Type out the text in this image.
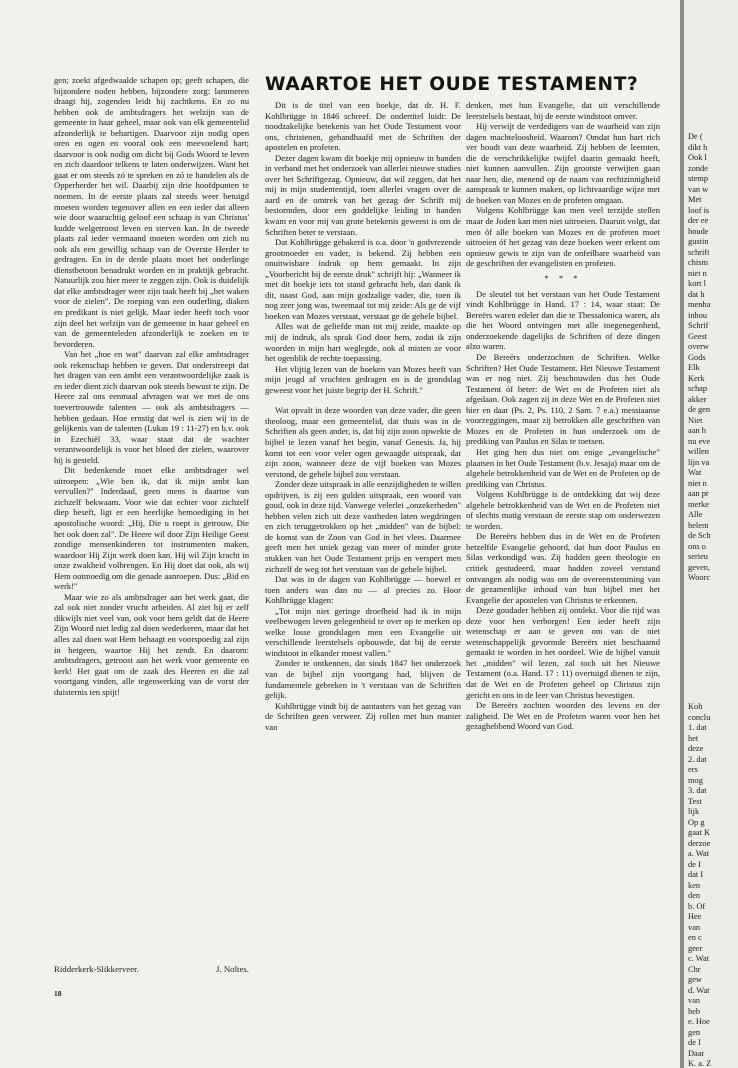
gen; zoekt afgedwaalde schapen op; geeft schapen, die bijzondere noden hebben, bijzondere zorg: lammeren draagt hij, zogenden leidt hij zachtkens. En zo nu hebben ook de ambtsdragers het welzijn van de gemeente in haar geheel, maar ook van elk gemeentelid afzonderlijk te behartigen. Daarvoor zijn nodig open oren en ogen en vooral ook een meevoelend hart; daarvoor is ook nodig om dicht bij Gods Woord te leven en zich daardoor telkens te laten onderwijzen. Want het gaat er om steeds zó te spreken en zó te handelen als de Opperherder het wil. Daarbij zijn drie hoofdpunten te noemen. In de eerste plaats zal steeds weer betuigd moeten worden tegenover allen en een ieder dat alleen wie door waarachtig geloof een schaap is van Christus' kudde welgetroost leven en sterven kan. In de tweede plaats zal ieder vermaand moeten worden om zich nu ook als een gewillig schaap van de Overste Herder te gedragen. En in de derde plaats moet het onderlinge dienstbetoon benadrukt worden en in praktijk gebracht. Natuurlijk zou hier meer te zeggen zijn. Ook is duidelijk dat elke ambtsdrager weer zijn taak heeft bij „het waken voor de zielen". De roeping van een ouderling, diaken en predikant is niet gelijk. Maar ieder heeft toch voor zijn deel het welzijn van de gemeente in haar geheel en van de gemeenteleden afzonderlijk te zoeken en te bevorderen.

Van het „hoe en wat" daarvan zal elke ambtsdrager ook rekenschap hebben te geven. Dat onderstreept dat het dragen van een ambt een verantwoordelijke zaak is en ieder dient zich daarvan ook steeds bewust te zijn. De Heere zal ons eenmaal afvragen wat we met de ons toevertrouwde talenten — ook als ambtsdragers — hebben gedaan. Hoe ernstig dat wel is zien wij in de gelijkenis van de talenten (Lukas 19 : 11-27) en b.v. ook in Ezechiël 33, waar staat dat de wachter verantwoordelijk is voor het bloed der zielen, waarover hij is gesteld.

Dit bedenkende moet elke ambtsdrager wel uitroepen: „Wie ben ik, dat ik mijn ambt kan vervullen?" Inderdaad, geen mens is daartoe van zichzelf bekwaam. Voor wie dat echter voor zichzelf diep beseft, ligt er een heerlijke bemoediging in het apostolische woord: „Hij, Die u roept is getrouw, Die het ook doen zal". De Heere wil door Zijn Heilige Geest zondige mensenkinderen tot instrumenten maken, waardoor Hij Zijn werk doen kan. Hij wil Zijn kracht in onze zwakheid volbrengen. En Hij doet dat ook, als wij Hem ootmoedig om die genade aanroepen. Dus: „Bid en werk!"

Maar wie zo als ambtsdrager aan het werk gaat, die zal ook niet zonder vrucht arbeiden. Al ziet hij er zelf dikwijls niet veel van, ook voor hem geldt dat de Heere Zijn Woord niet ledig zal doen wederkeren, maar dat het alles zal doen wat Hem behaagt en voorspoedig zal zijn in hetgeen, waartoe Hij het zendt. En daarom: ambtsdragers, getroost aan het werk voor gemeente en kerk! Het gaat om de zaak des Heeren en die zal voortgang vinden, alle tegenwerking van de vorst der duisternis ten spijt!

Ridderkerk-Slikkerveer.	J. Noltes.
18
WAARTOE HET OUDE TESTAMENT?

Dit is de titel van een boekje, dat dr. H. F. Kohlbrügge in 1846 schreef. De ondertitel luidt: De noodzakelijke betekenis van het Oude Testament voor ons, christenen, gehandhaafd met de Schriften der apostelen en profeten.

Dezer dagen kwam dit boekje mij opnieuw in handen in verband met het onderzoek van allerlei nieuwe studies over het Schriftgezag. Opnieuw, dat wil zeggen, dat het mij in mijn studententijd, toen allerlei vragen over de aard en de omtrek van het gezag der Schrift mij bestormden, door een goddelijke leiding in handen kwam en voor mij van grote betekenis geweest is om de Schriften beter te verstaan.

Dat Kohlbrügge gebakerd is o.a. door 'n godvrezende grootmoeder en vader, is bekend. Zij hebben een onuitwisbare indruk op hem gemaakt. In zijn „Voorbericht bij de eerste druk" schrijft hij: „Wanneer ik met dit boekje iets tot stand gebracht heb, dan dank ik dit, naast God, aan mijn godzalige vader, die, toen ik nog zeer jong was, tweemaal tot mij zeide: Als ge de vijf boeken van Mozes verstaat, verstaat ge de gehele bijbel.

Alles wat de geliefde man tot mij zeide, maakte op mij de indruk, als sprak God door hem, zodat ik zijn woorden in mijn hart weglegde, ook al misten ze voor het ogenblik de rechte toepassing.

Het vlijtig lezen van de boeken van Mozes heeft van mijn jeugd af vruchten gedragen en is de grondslag geweest voor het juiste begrip der H. Schrift."

Wat opvalt in deze woorden van deze vader, die geen theoloog, maar een gemeentelid, dat thuis was in de Schriften als geen ander, is, dat hij zijn zoon opwekte de bijbel te lezen vanaf het begin, vanaf Genesis. Ja, hij komt tot een voor veler ogen gewaagde uitspraak, dat zijn zoon, wanneer deze de vijf boeken van Mozes verstond, de gehele bijbel zou verstaan.

Zonder deze uitspraak in alle eenzijdigheden te willen opdrijven, is zij een gulden uitspraak, een woord van goud, ook in deze tijd. Vanwege velerlei „onzekerheden" hebben velen zich uit deze vastheden laten wegdringen en zich teruggetrokken op het „midden" van de bijbel: de komst van de Zoon van God in het vlees. Daarmee geeft men het uniek gezag van meer of minder grote stukken van het Oude Testament prijs en verspert men zichzelf de weg tot het verstaan van de gehele bijbel.

Dat was in de dagen van Kohlbrügge — hoewel er toen anders was dan nu — al precies zo. Hoor Kohlbrügge klagen:

„Tot mijn niet geringe droefheid had ik in mijn veelbewogen leven gelegenheid te over op te merken op welke losse grondslagen men een Evangelie uit verschillende leerstelsels opbouwde, dat bij de eerste windstoot in elkander moest vallen."

Zonder te ontkennen, dat sinds 1847 het onderzoek van de bijbel zijn voortgang had, blijven de fundamentele gebreken in 't verstaan van de Schriften gelijk.

Kohlbrügge vindt bij de aantasters van het gezag van de Schriften geen verweer. Zij rollen met hun manier van

denken, met hun Evangelie, dat uit verschillende leerstelsels bestaat, bij de eerste windstoot omver.

Hij verwijt de verdedigers van de waarheid van zijn dagen machteloosheid. Waarom? Omdat hun hart rich ver houdt van deze waarheid. Zij hebben de leemten, die de verschrikkelijke twijfel daarin gemaakt heeft, niet kunnen aanvullen. Zijn grootste verwijten gaan naar hen, die, menend op de naam van rechtzinnigheid aanspraak te kunnen maken, op lichtvaardige wijze met de boeken van Mozes en de profeten omgaan.

Volgens Kohlbrügge kan men veel terzijde stellen maar de Joden kan men niet uitroeien. Daaruit volgt, dat men óf alle boeken van Mozes en de profeten moet uitroeien óf het gezag van deze boeken weer erkent om opnieuw gewis te zijn van de onfeilbare waarheid van de geschriften der evangelisten en profeten.

* * *

De sleutel tot het verstaan van het Oude Testament vindt Kohlbrügge in Hand. 17 : 14, waar staat: De Bereërs waren edeler dan die te Thessalonica waren, als die het Woord ontvingen met alle toegenegenheid, onderzoekende dagelijks de Schriften of deze dingen alzo waren.

De Bereërs onderzochten de Schriften. Welke Schriften? Het Oude Testament. Het Nieuwe Testament was er nog niet. Zij beschouwden dus het Oude Testament óf beter: de Wet en de Profeten niet als afgedaan. Ook zagen zij in deze Wet en de Profeten niet hier en daar (Ps. 2, Ps. 110, 2 Sam. 7 e.a.) messiaanse voorzeggingen, maar zij betrokken alle geschriften van Mozes en de Profeten in hun onderzoek om de prediking van Paulus en Silas te toetsen.

Het ging hen dus niet om enige „evangelische" plaatsen in het Oude Testament (b.v. Jesaja) maar om de algehele betrokkenheid van de Wet en de Profeten op de prediking van Christus.

Volgens Kohlbrügge is de ontdekking dat wij deze algehele betrokkenheid van de Wet en de Profeten niet of slechts matig verstaan de eerste stap om onderwezen te worden.

De Bereërs hebben dus in de Wet en de Profeten hetzelfde Evangelie gehoord, dat hun door Paulus en Silas verkondigd was. Zij hadden geen theologie en critiek gestudeerd, maar hadden zoveel verstand ontvangen als nodig was om de overeenstemming van de gezamenlijke inhoud van hun bijbel met het Evangelie der apostelen van Christus te erkennen.

Deze goudader hebben zij ontdekt. Voor die tijd was deze voor hen verborgen! Een ieder heeft zijn wetenschap er aan te geven om van de niet wetenschappelijk gevormde Bereërs niet beschaamd gemaakt te worden in het oordeel. Wie de bijbel vanuit het „midden" wil lezen, zal toch uit het Nieuwe Testament (o.a. Hand. 17 : 11) overtuigd dienen te zijn, dat de Wet en de Profeten geheel op Christus zijn gericht en ons in de leer van Christus bevestigen.

De Bereërs zochten woorden des levens en der zaligheid. De Wet en de Profeten waren voor hen het gezaghebbend Woord van God.

De (
dikt h
Ook l
zonde
stemp
van w
Met
loof is
der ee
houde
gustin
schrift
chism
niet n
kort l
dat h
menha
inhou
Schrif
Geest
overw
Gods
Elk
Kerk
schap
akker
de gen
Niet
aan h
nu eve
willen
lijn va
Wat
niet n
aan pr
merke
Alle
helem
de Sch
ons o
serieu
geven,
Woorc
Koh
conclu
1. dat
het
deze
2. dat
ers
mog
3. dat
Test
lijk
Op g
gaat K
derzoe
a. Wat
de I
dat I
ken
den
b. Of
Hee
van
en c
geer
c. Wat
Chr
gew
d. Wat
van
heb
e. Hoe
gen
de I
Daar
K. a. Z
